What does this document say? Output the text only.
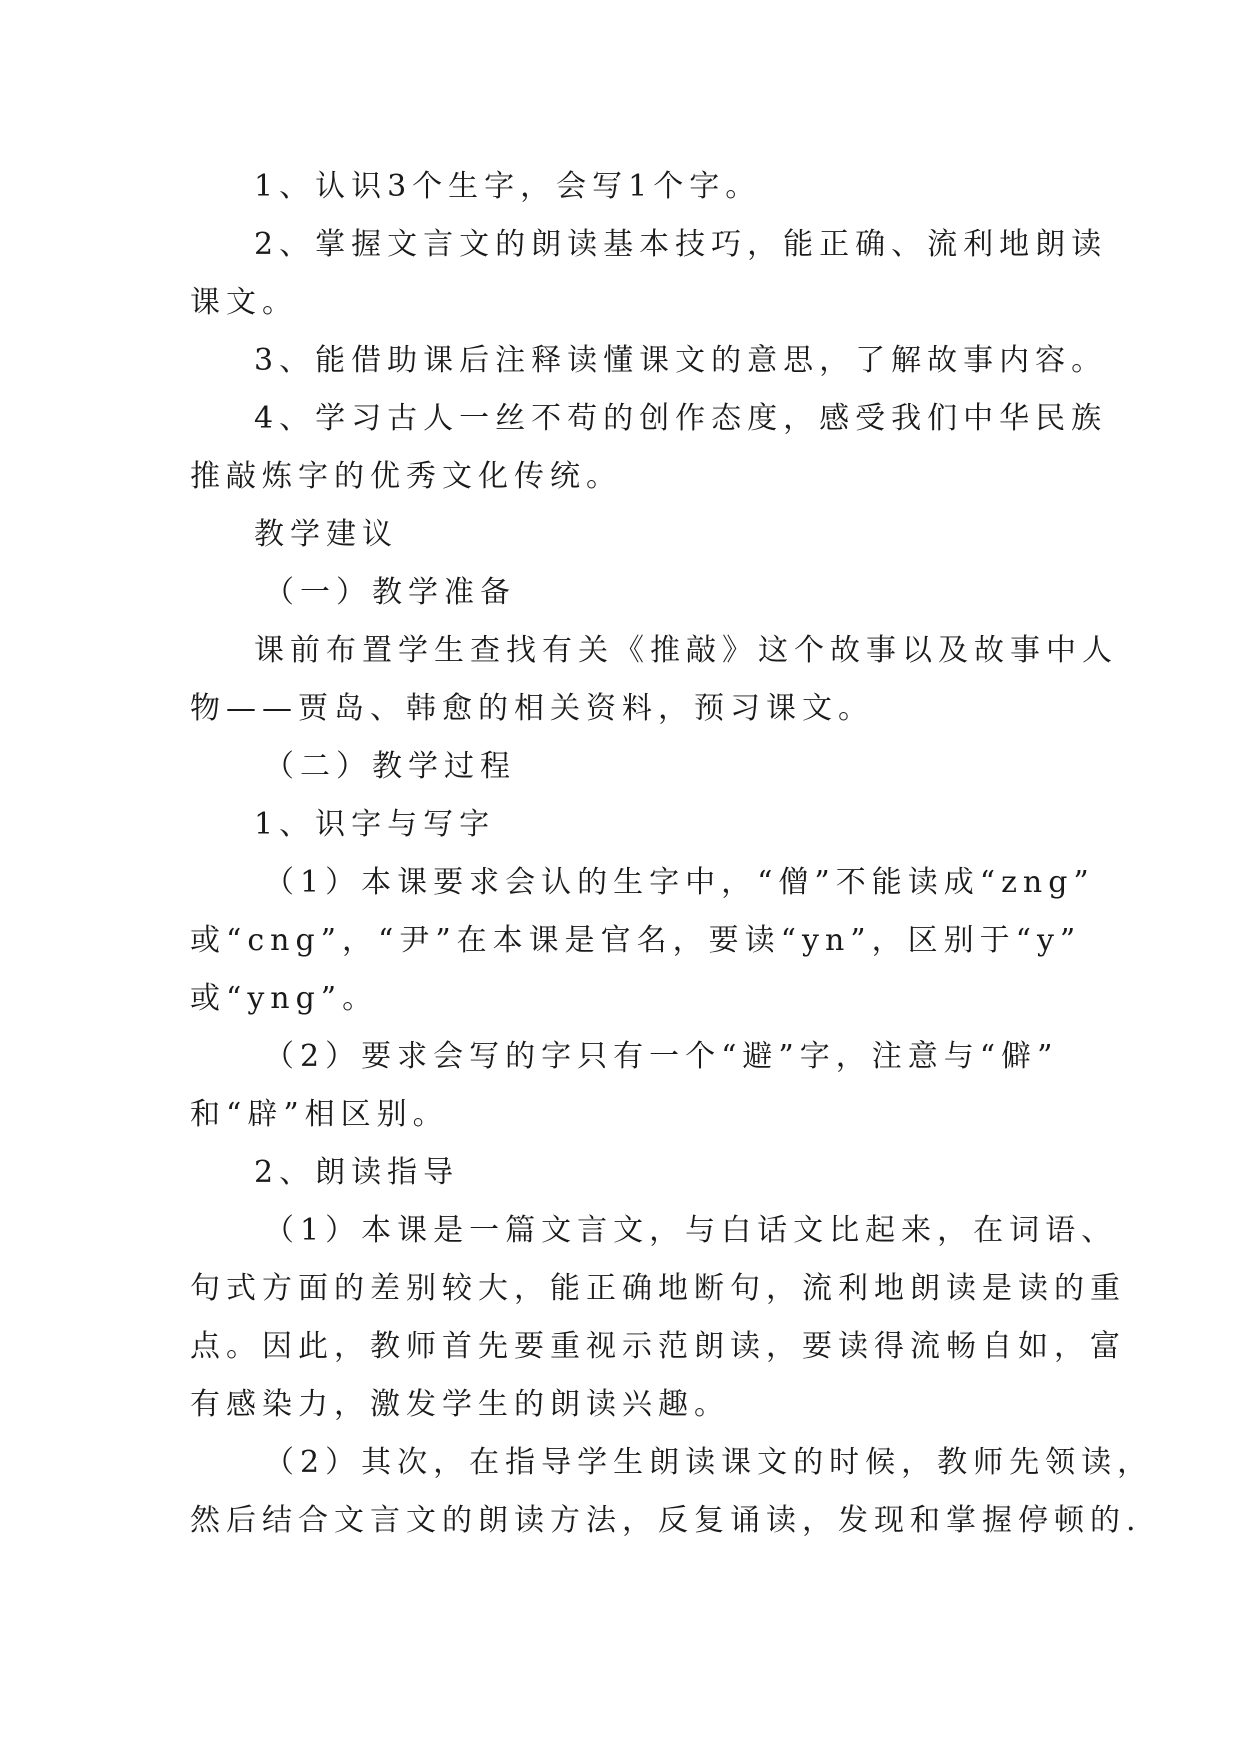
1、认识3个生字，会写1个字。
2、掌握文言文的朗读基本技巧，能正确、流利地朗读
课文。
3、能借助课后注释读懂课文的意思，了解故事内容。
4、学习古人一丝不苟的创作态度，感受我们中华民族
推敲炼字的优秀文化传统。
教学建议
（一）教学准备
课前布置学生查找有关《推敲》这个故事以及故事中人
物——贾岛、韩愈的相关资料，预习课文。
（二）教学过程
1、识字与写字
（1）本课要求会认的生字中，“僧”不能读成“zng”
或“cng”，“尹”在本课是官名，要读“yn”，区别于“y”
或“yng”。
（2）要求会写的字只有一个“避”字，注意与“僻”
和“辟”相区别。
2、朗读指导
（1）本课是一篇文言文，与白话文比起来，在词语、
句式方面的差别较大，能正确地断句，流利地朗读是读的重
点。因此，教师首先要重视示范朗读，要读得流畅自如，富
有感染力，激发学生的朗读兴趣。
（2）其次，在指导学生朗读课文的时候，教师先领读，
然后结合文言文的朗读方法，反复诵读，发现和掌握停顿的.
